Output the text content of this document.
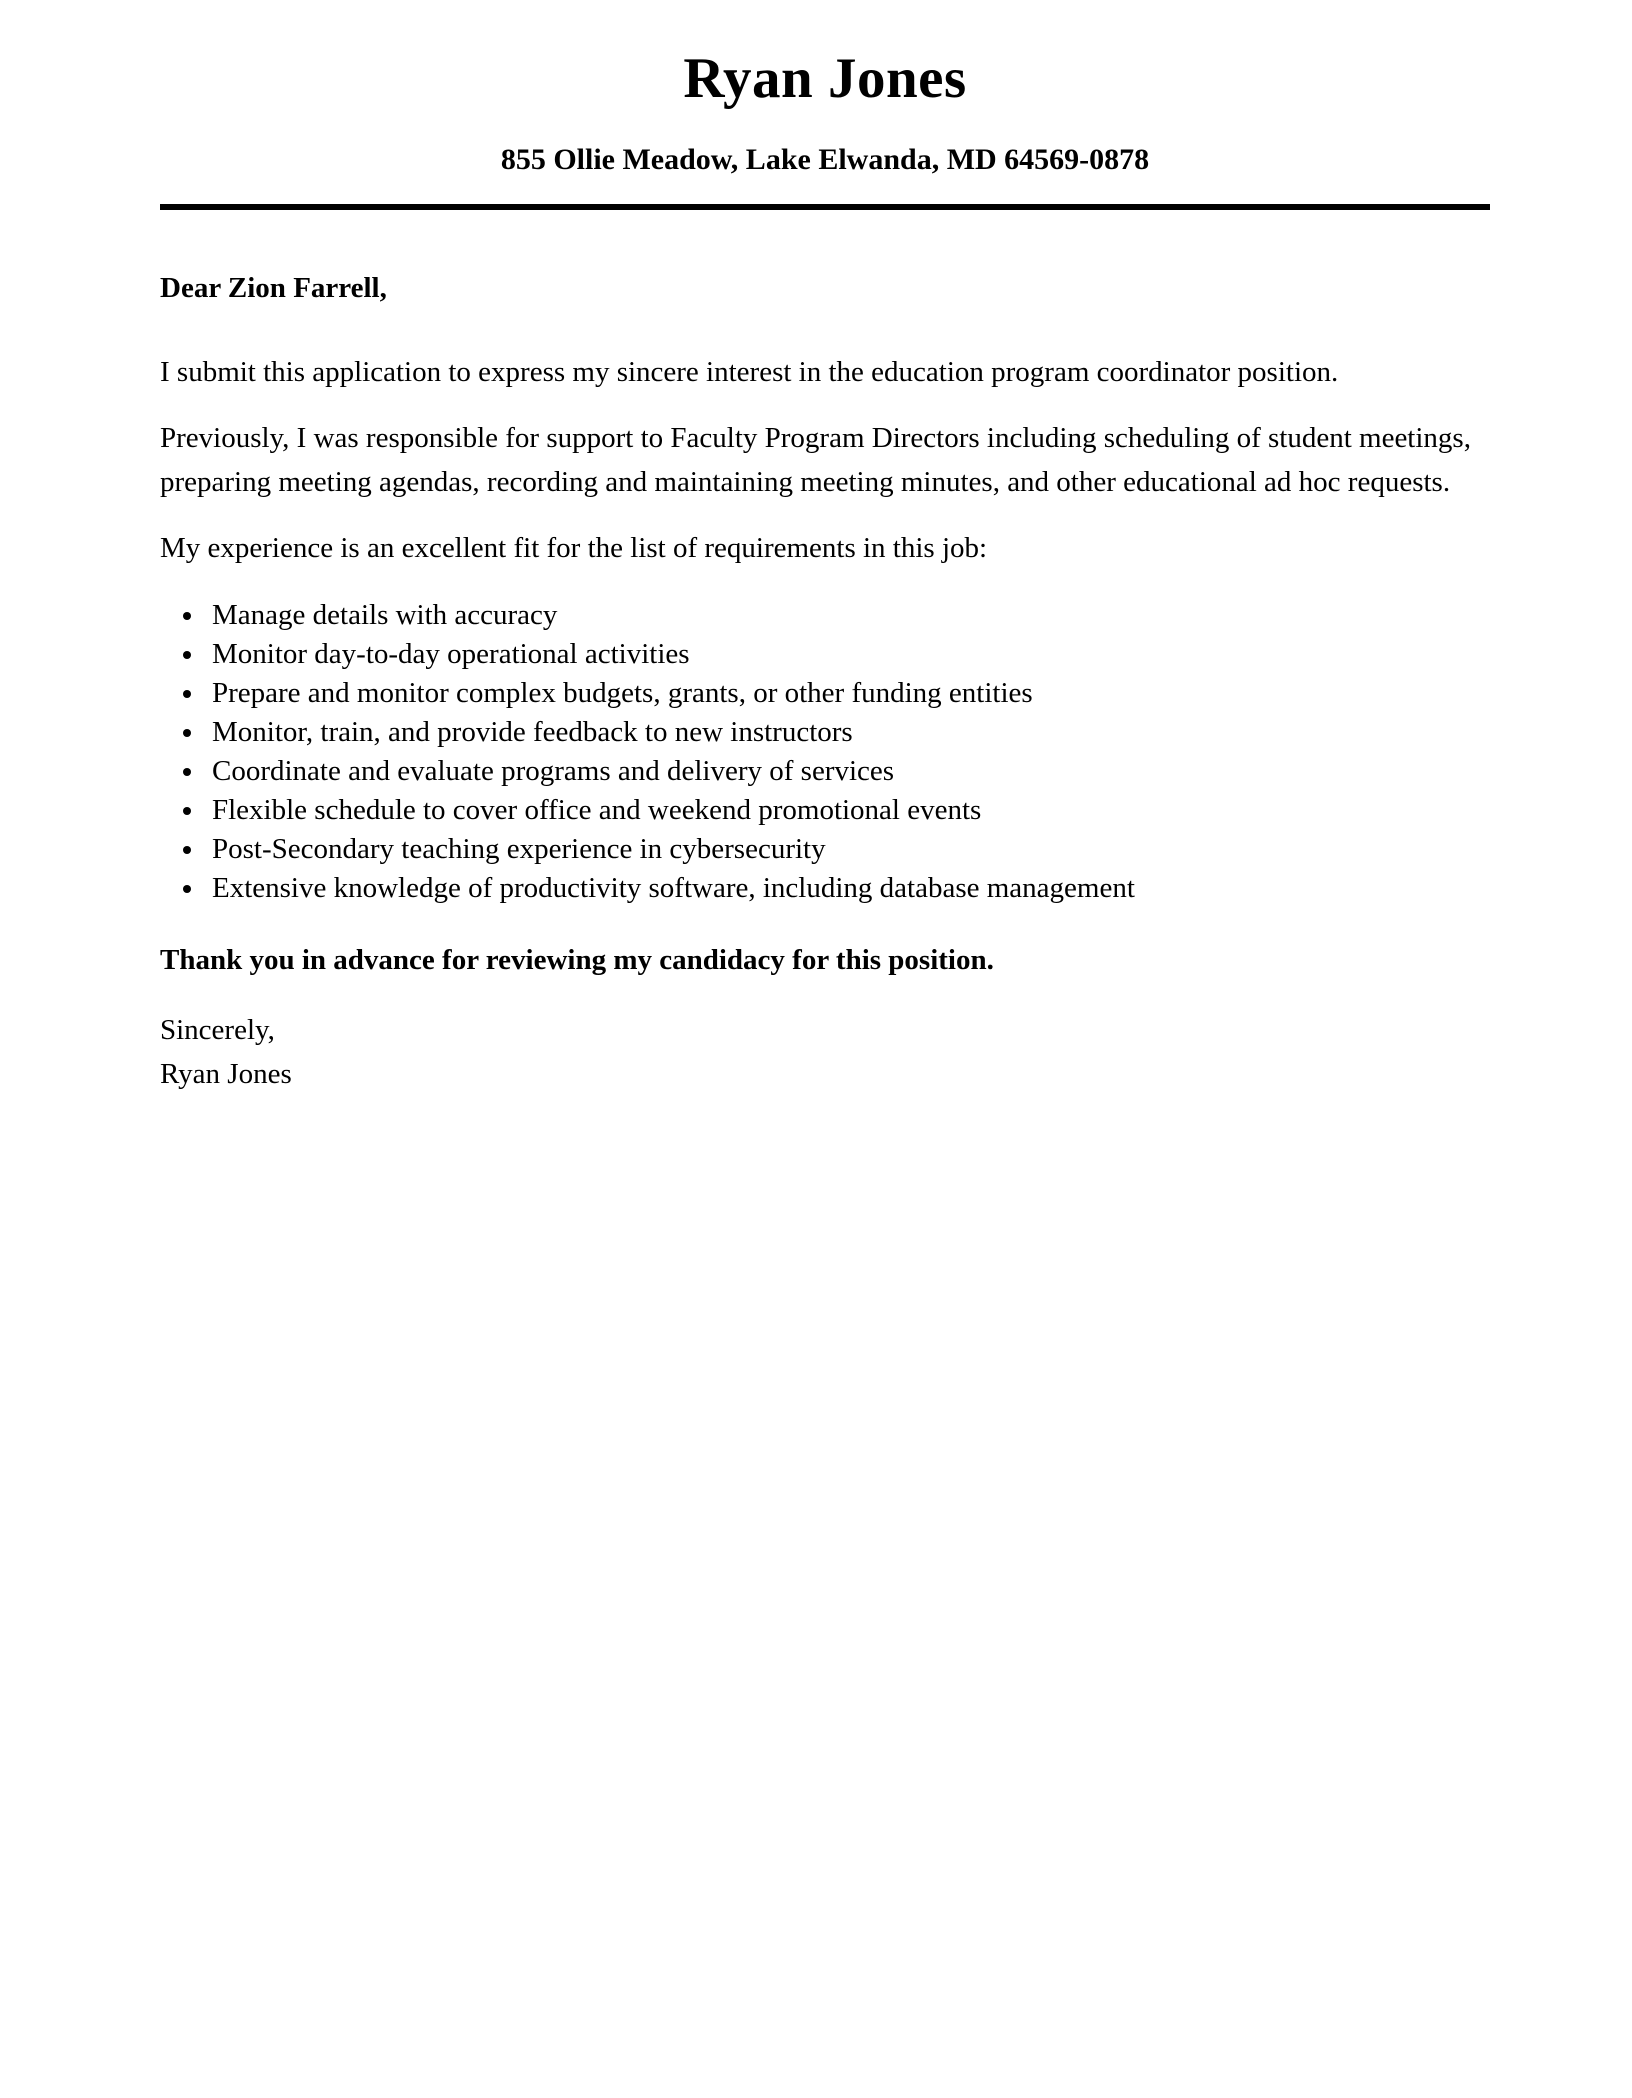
Ryan Jones
855 Ollie Meadow, Lake Elwanda, MD 64569-0878

Dear Zion Farrell,

I submit this application to express my sincere interest in the education program coordinator position.

Previously, I was responsible for support to Faculty Program Directors including scheduling of student meetings, preparing meeting agendas, recording and maintaining meeting minutes, and other educational ad hoc requests.

My experience is an excellent fit for the list of requirements in this job:

• Manage details with accuracy
• Monitor day-to-day operational activities
• Prepare and monitor complex budgets, grants, or other funding entities
• Monitor, train, and provide feedback to new instructors
• Coordinate and evaluate programs and delivery of services
• Flexible schedule to cover office and weekend promotional events
• Post-Secondary teaching experience in cybersecurity
• Extensive knowledge of productivity software, including database management

Thank you in advance for reviewing my candidacy for this position.

Sincerely,
Ryan Jones
